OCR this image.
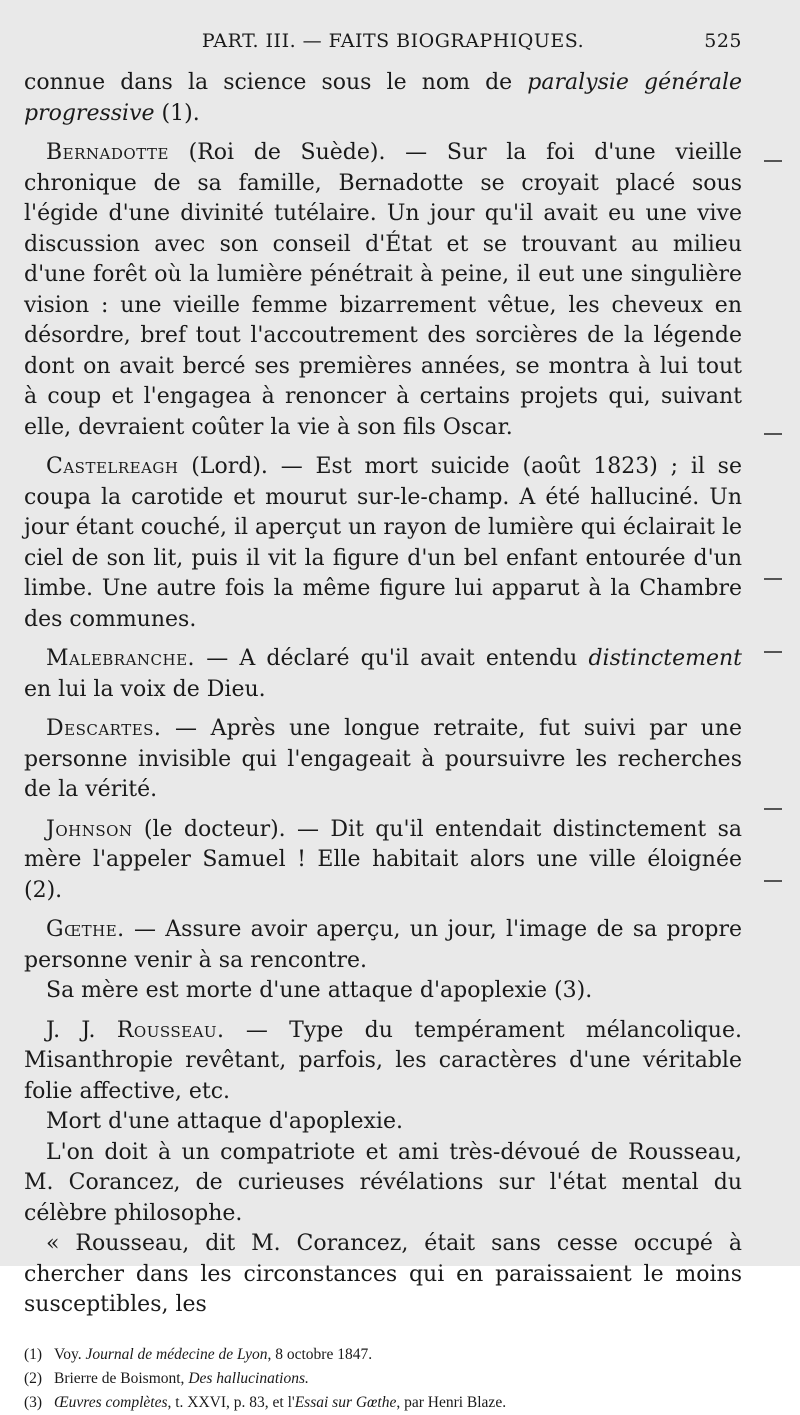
PART. III. — FAITS BIOGRAPHIQUES.	525

connue dans la science sous le nom de paralysie générale progressive (1).

Bernadotte (Roi de Suède). — Sur la foi d'une vieille chronique de sa famille, Bernadotte se croyait placé sous l'égide d'une divinité tutélaire. Un jour qu'il avait eu une vive discussion avec son conseil d'État et se trouvant au milieu d'une forêt où la lumière pénétrait à peine, il eut une singulière vision : une vieille femme bizarrement vêtue, les cheveux en désordre, bref tout l'accoutrement des sorcières de la légende dont on avait bercé ses premières années, se montra à lui tout à coup et l'engagea à renoncer à certains projets qui, suivant elle, devraient coûter la vie à son fils Oscar.

Castelreagh (Lord). — Est mort suicide (août 1823) ; il se coupa la carotide et mourut sur-le-champ. A été halluciné. Un jour étant couché, il aperçut un rayon de lumière qui éclairait le ciel de son lit, puis il vit la figure d'un bel enfant entourée d'un limbe. Une autre fois la même figure lui apparut à la Chambre des communes.

Malebranche. — A déclaré qu'il avait entendu distinctement en lui la voix de Dieu.

Descartes. — Après une longue retraite, fut suivi par une personne invisible qui l'engageait à poursuivre les recherches de la vérité.

Johnson (le docteur). — Dit qu'il entendait distinctement sa mère l'appeler Samuel ! Elle habitait alors une ville éloignée (2).

Gœthe. — Assure avoir aperçu, un jour, l'image de sa propre personne venir à sa rencontre.

Sa mère est morte d'une attaque d'apoplexie (3).

J. J. Rousseau. — Type du tempérament mélancolique. Misanthropie revêtant, parfois, les caractères d'une véritable folie affective, etc.

Mort d'une attaque d'apoplexie.

L'on doit à un compatriote et ami très-dévoué de Rousseau, M. Corancez, de curieuses révélations sur l'état mental du célèbre philosophe.

« Rousseau, dit M. Corancez, était sans cesse occupé à chercher dans les circonstances qui en paraissaient le moins susceptibles, les

(1) Voy. Journal de médecine de Lyon, 8 octobre 1847.
(2) Brierre de Boismont, Des hallucinations.
(3) Œuvres complètes, t. XXVI, p. 83, et l'Essai sur Gœthe, par Henri Blaze.
